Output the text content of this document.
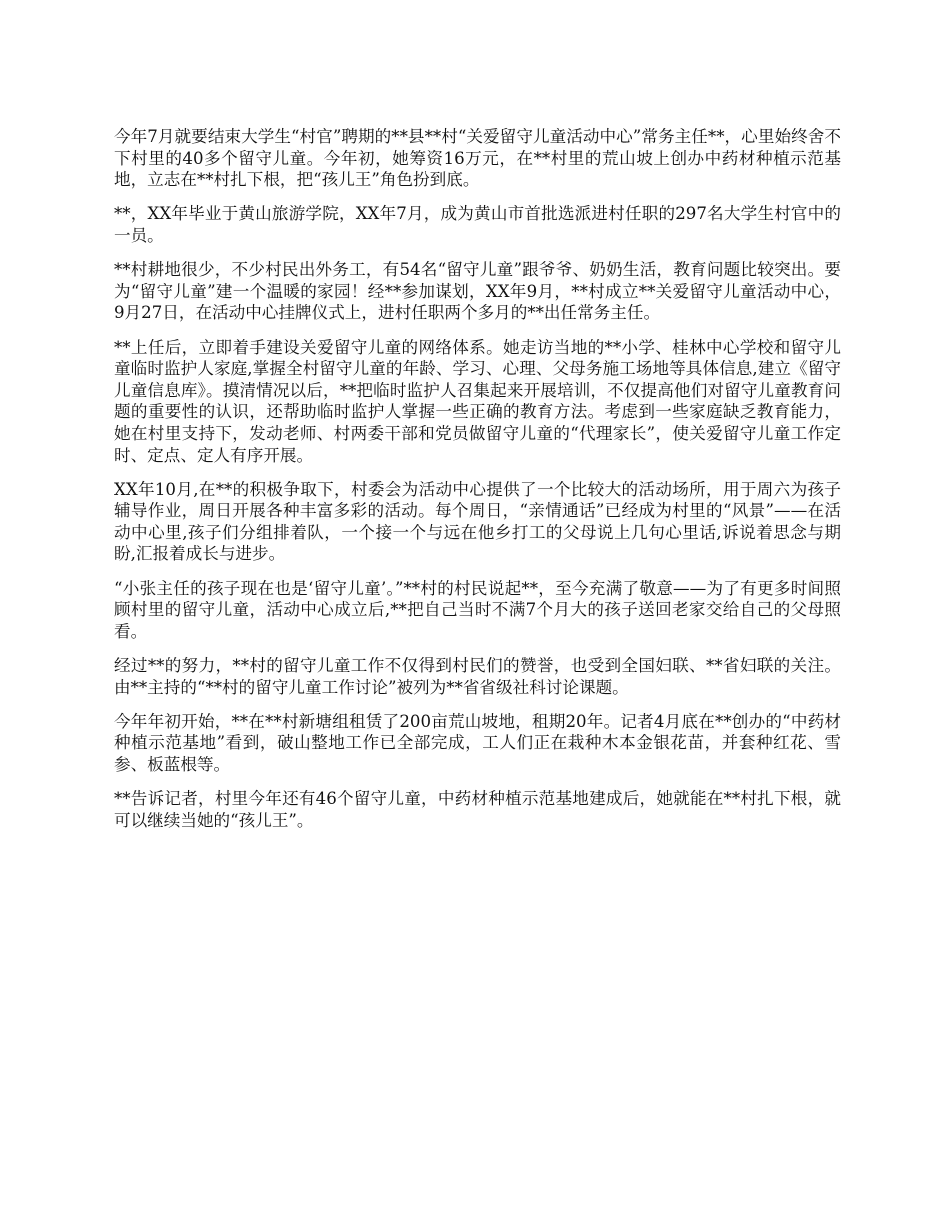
今年7月就要结束大学生“村官”聘期的**县**村“关爱留守儿童活动中心”常务主任**，心里始终舍不下村里的40多个留守儿童。今年初，她筹资16万元，在**村里的荒山坡上创办中药材种植示范基地，立志在**村扎下根，把“孩儿王”角色扮到底。

**，XX年毕业于黄山旅游学院，XX年7月，成为黄山市首批选派进村任职的297名大学生村官中的一员。

**村耕地很少，不少村民出外务工，有54名“留守儿童”跟爷爷、奶奶生活，教育问题比较突出。要为“留守儿童”建一个温暖的家园！经**参加谋划，XX年9月，**村成立**关爱留守儿童活动中心， 9月27日，在活动中心挂牌仪式上，进村任职两个多月的**出任常务主任。

**上任后，立即着手建设关爱留守儿童的网络体系。她走访当地的**小学、桂林中心学校和留守儿童临时监护人家庭,掌握全村留守儿童的年龄、学习、心理、父母务施工场地等具体信息,建立《留守儿童信息库》。摸清情况以后，**把临时监护人召集起来开展培训，不仅提高他们对留守儿童教育问题的重要性的认识，还帮助临时监护人掌握一些正确的教育方法。考虑到一些家庭缺乏教育能力，她在村里支持下，发动老师、村两委干部和党员做留守儿童的“代理家长”，使关爱留守儿童工作定时、定点、定人有序开展。

XX年10月,在**的积极争取下，村委会为活动中心提供了一个比较大的活动场所，用于周六为孩子辅导作业，周日开展各种丰富多彩的活动。每个周日，“亲情通话”已经成为村里的“风景”——在活动中心里,孩子们分组排着队，一个接一个与远在他乡打工的父母说上几句心里话,诉说着思念与期盼,汇报着成长与进步。

“小张主任的孩子现在也是‘留守儿童’。”**村的村民说起**，至今充满了敬意——为了有更多时间照顾村里的留守儿童，活动中心成立后,**把自己当时不满7个月大的孩子送回老家交给自己的父母照看。

经过**的努力，**村的留守儿童工作不仅得到村民们的赞誉，也受到全国妇联、**省妇联的关注。由**主持的“**村的留守儿童工作讨论”被列为**省省级社科讨论课题。

今年年初开始，**在**村新塘组租赁了200亩荒山坡地，租期20年。记者4月底在**创办的“中药材种植示范基地”看到，破山整地工作已全部完成，工人们正在栽种木本金银花苗，并套种红花、雪参、板蓝根等。

**告诉记者，村里今年还有46个留守儿童，中药材种植示范基地建成后，她就能在**村扎下根，就可以继续当她的“孩儿王”。
